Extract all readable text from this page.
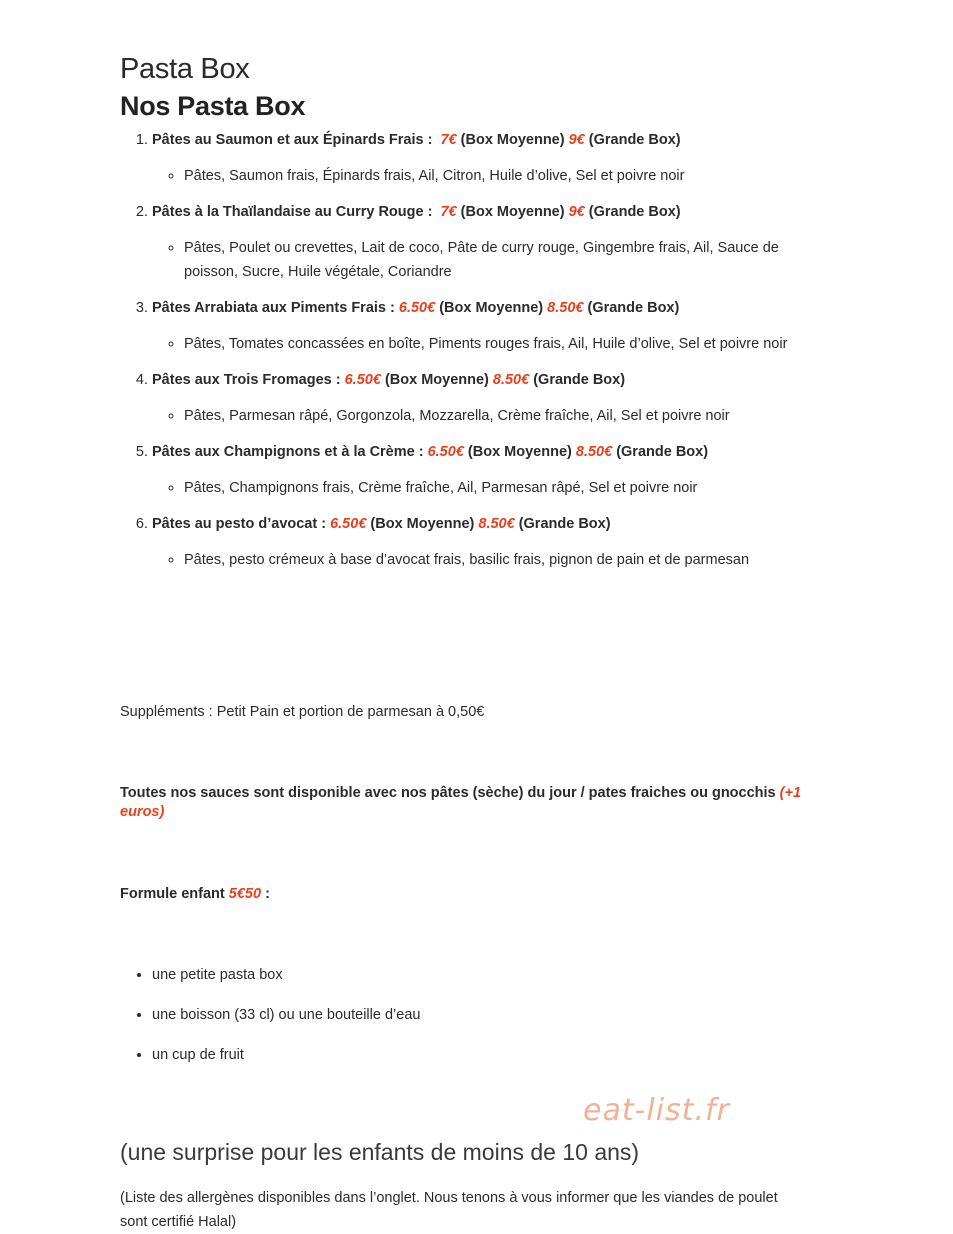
Pasta Box
Nos Pasta Box
1. Pâtes au Saumon et aux Épinards Frais : 7€ (Box Moyenne) 9€ (Grande Box)
◦ Pâtes, Saumon frais, Épinards frais, Ail, Citron, Huile d’olive, Sel et poivre noir
2. Pâtes à la Thaïlandaise au Curry Rouge : 7€ (Box Moyenne) 9€ (Grande Box)
◦ Pâtes, Poulet ou crevettes, Lait de coco, Pâte de curry rouge, Gingembre frais, Ail, Sauce de poisson, Sucre, Huile végétale, Coriandre
3. Pâtes Arrabiata aux Piments Frais : 6.50€ (Box Moyenne) 8.50€ (Grande Box)
◦ Pâtes, Tomates concassées en boîte, Piments rouges frais, Ail, Huile d’olive, Sel et poivre noir
4. Pâtes aux Trois Fromages : 6.50€ (Box Moyenne) 8.50€ (Grande Box)
◦ Pâtes, Parmesan râpé, Gorgonzola, Mozzarella, Crème fraîche, Ail, Sel et poivre noir
5. Pâtes aux Champignons et à la Crème : 6.50€ (Box Moyenne) 8.50€ (Grande Box)
◦ Pâtes, Champignons frais, Crème fraîche, Ail, Parmesan râpé, Sel et poivre noir
6. Pâtes au pesto d’avocat : 6.50€ (Box Moyenne) 8.50€ (Grande Box)
◦ Pâtes, pesto crémeux à base d’avocat frais, basilic frais, pignon de pain et de parmesan

Suppléments : Petit Pain et portion de parmesan à 0,50€

Toutes nos sauces sont disponible avec nos pâtes (sèche) du jour / pates fraiches ou gnocchis (+1 euros)

Formule enfant 5€50 :

• une petite pasta box
• une boisson (33 cl) ou une bouteille d’eau
• un cup de fruit

(une surprise pour les enfants de moins de 10 ans)

(Liste des allergènes disponibles dans l’onglet. Nous tenons à vous informer que les viandes de poulet sont certifié Halal)

eat-list.fr
